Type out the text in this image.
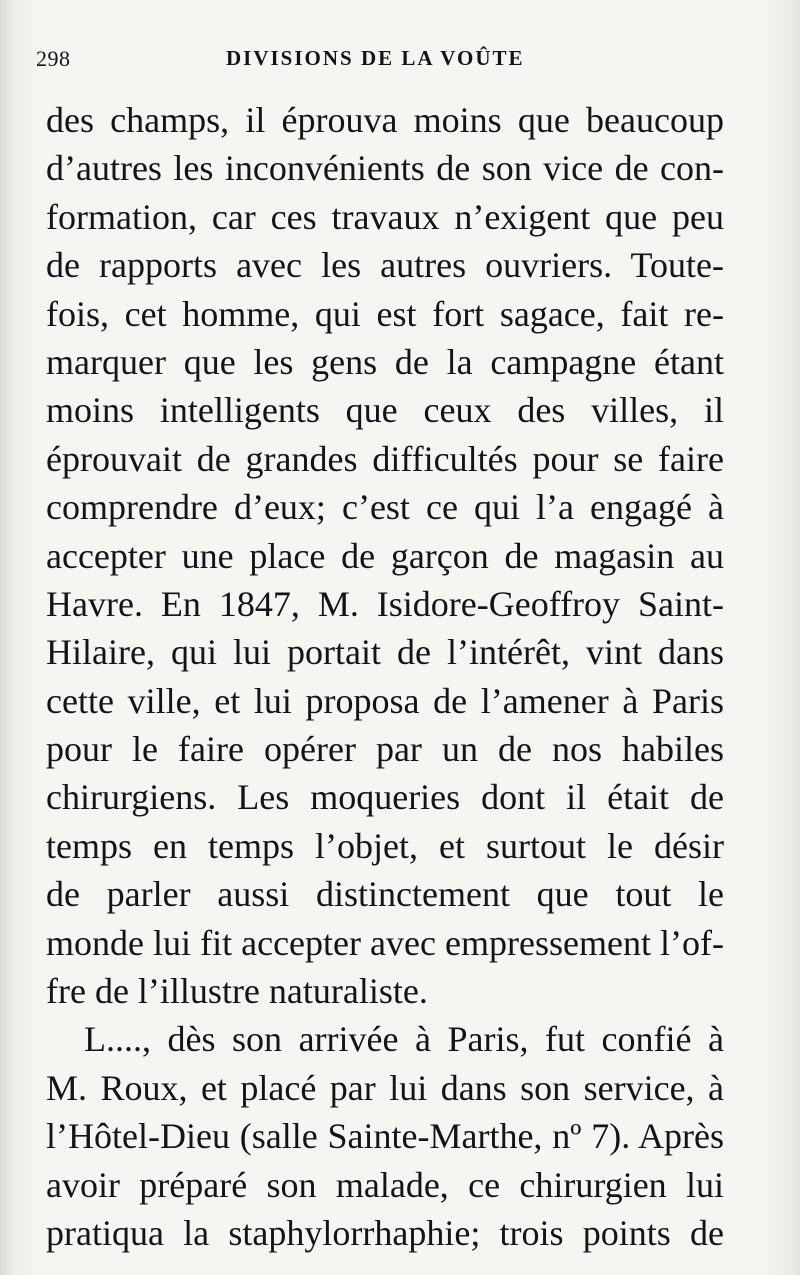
298	DIVISIONS DE LA VOÛTE
des champs, il éprouva moins que beaucoup
d’autres les inconvénients de son vice de con-
formation, car ces travaux n’exigent que peu
de rapports avec les autres ouvriers. Toute-
fois, cet homme, qui est fort sagace, fait re-
marquer que les gens de la campagne étant
moins intelligents que ceux des villes, il
éprouvait de grandes difficultés pour se faire
comprendre d’eux; c’est ce qui l’a engagé à
accepter une place de garçon de magasin au
Havre. En 1847, M. Isidore-Geoffroy Saint-
Hilaire, qui lui portait de l’intérêt, vint dans
cette ville, et lui proposa de l’amener à Paris
pour le faire opérer par un de nos habiles
chirurgiens. Les moqueries dont il était de
temps en temps l’objet, et surtout le désir
de parler aussi distinctement que tout le
monde lui fit accepter avec empressement l’of-
fre de l’illustre naturaliste.
L...., dès son arrivée à Paris, fut confié à
M. Roux, et placé par lui dans son service, à
l’Hôtel-Dieu (salle Sainte-Marthe, nº 7). Après
avoir préparé son malade, ce chirurgien lui
pratiqua la staphylorrhaphie; trois points de
